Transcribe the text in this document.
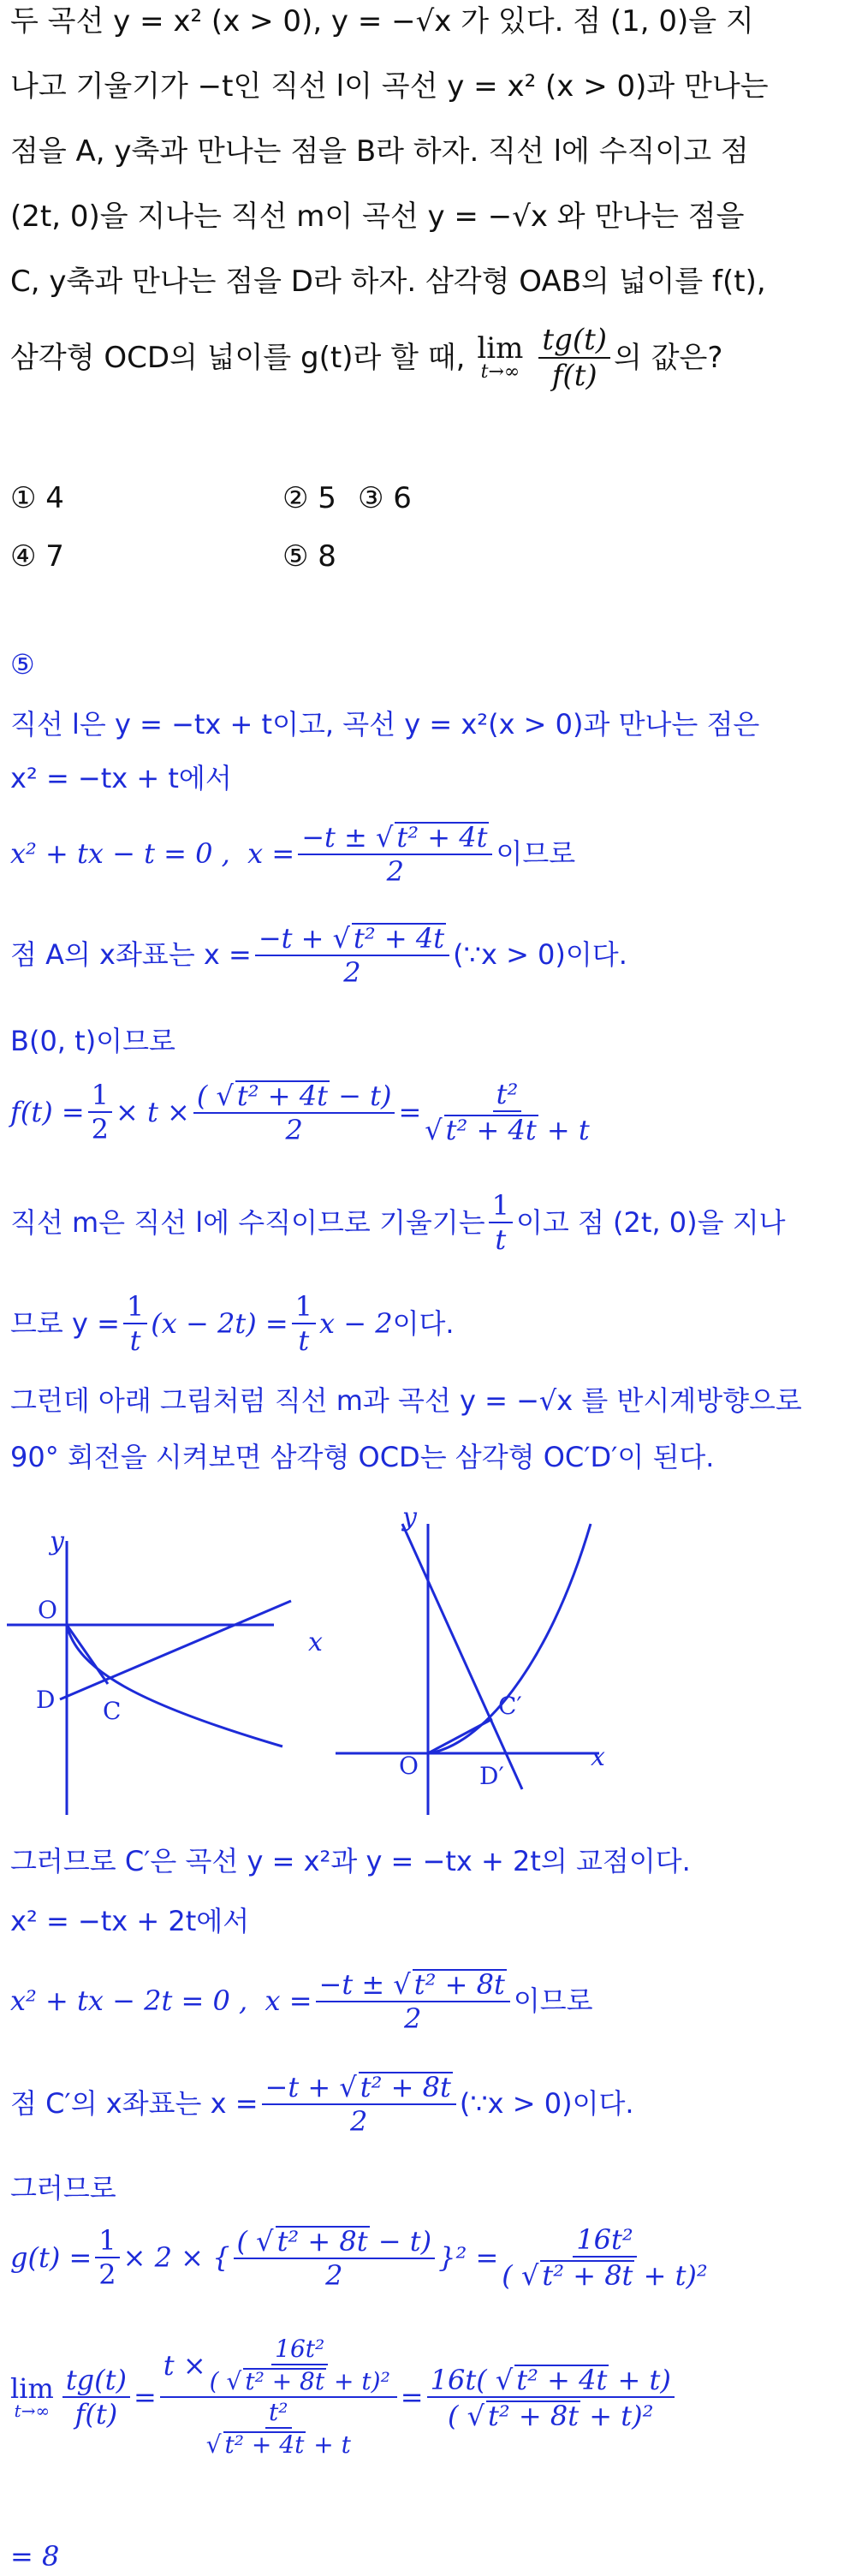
두 곡선 y = x² (x > 0), y = −√x 가 있다. 점 (1, 0)을 지
나고 기울기가 −t인 직선 l이 곡선 y = x² (x > 0)과 만나는
점을 A, y축과 만나는 점을 B라 하자. 직선 l에 수직이고 점
(2t, 0)을 지나는 직선 m이 곡선 y = −√x 와 만나는 점을
C, y축과 만나는 점을 D라 하자. 삼각형 OAB의 넓이를 f(t),
삼각형 OCD의 넓이를 g(t)라 할 때, lim
$t\to\infty \frac{tg(t)}{f(t)}$ 의 값은?
① 4	② 5 ③ 6
④ 7	⑤ 8
⑤
직선 l은 y = −tx + t이고, 곡선 y = x²(x > 0)과 만나는 점은
x² = −tx + t에서
x² + tx − t = 0 ,  $x = \frac{\text{−t ± √ t² + 4t}}{2}$ 이므로
점 A의 x좌표는 $x = \frac{\text{−t + √ t² + 4t}}{2}$ (∵x > 0)이다.
B(0, t)이므로
$f(t) = \frac{1}{2} \times t \times \frac{\text{( √ t² + 4t − t)}}{2} = \frac{\text{t²}}{\text{√ t² + 4t + t}}$
직선 m은 직선 l에 수직이므로 기울기는 $\frac{1}{t}$ 이고 점 (2t, 0)을 지나
므로 $y = \frac{1}{t} (x - 2t) = \frac{1}{t}$ x − 2 이다.
그런데 아래 그림처럼 직선 m과 곡선 y = −√x 를 반시계방향으로
90° 회전을 시켜보면 삼각형 OCD는 삼각형 OC′D′이 된다.
y
x
O
D C
y
x
O	D′
C′
그러므로 C′은 곡선 y = x²과 y = −tx + 2t의 교점이다.
x² = −tx + 2t에서
x² + tx − 2t = 0 ,  $x = \frac{\text{−t ± √ t² + 8t}}{2}$ 이므로
점 C′의 x좌표는 $x = \frac{\text{−t + √ t² + 8t}}{2}$ (∵x > 0)이다.
그러므로
$g(t) = \frac{1}{2} \times 2$ × { $\frac{\text{( √ t² + 8t − t)}}{2} \}^2 = \frac{\text{16t²}}{\text{( √ t² + 8t + t)²}}$
lim
$t\to\infty \frac{tg(t)}{f(t)} = \frac{t \times \frac{\text{16t²}}{\text{( √ t² + 8t + t)²}}}{\frac{\text{t²}}{\text{√ t² + 4t + t}}} = \frac{\text{16t( √ t² + 4t + t)}}{\text{( √ t² + 8t + t)²}}$
= 8
